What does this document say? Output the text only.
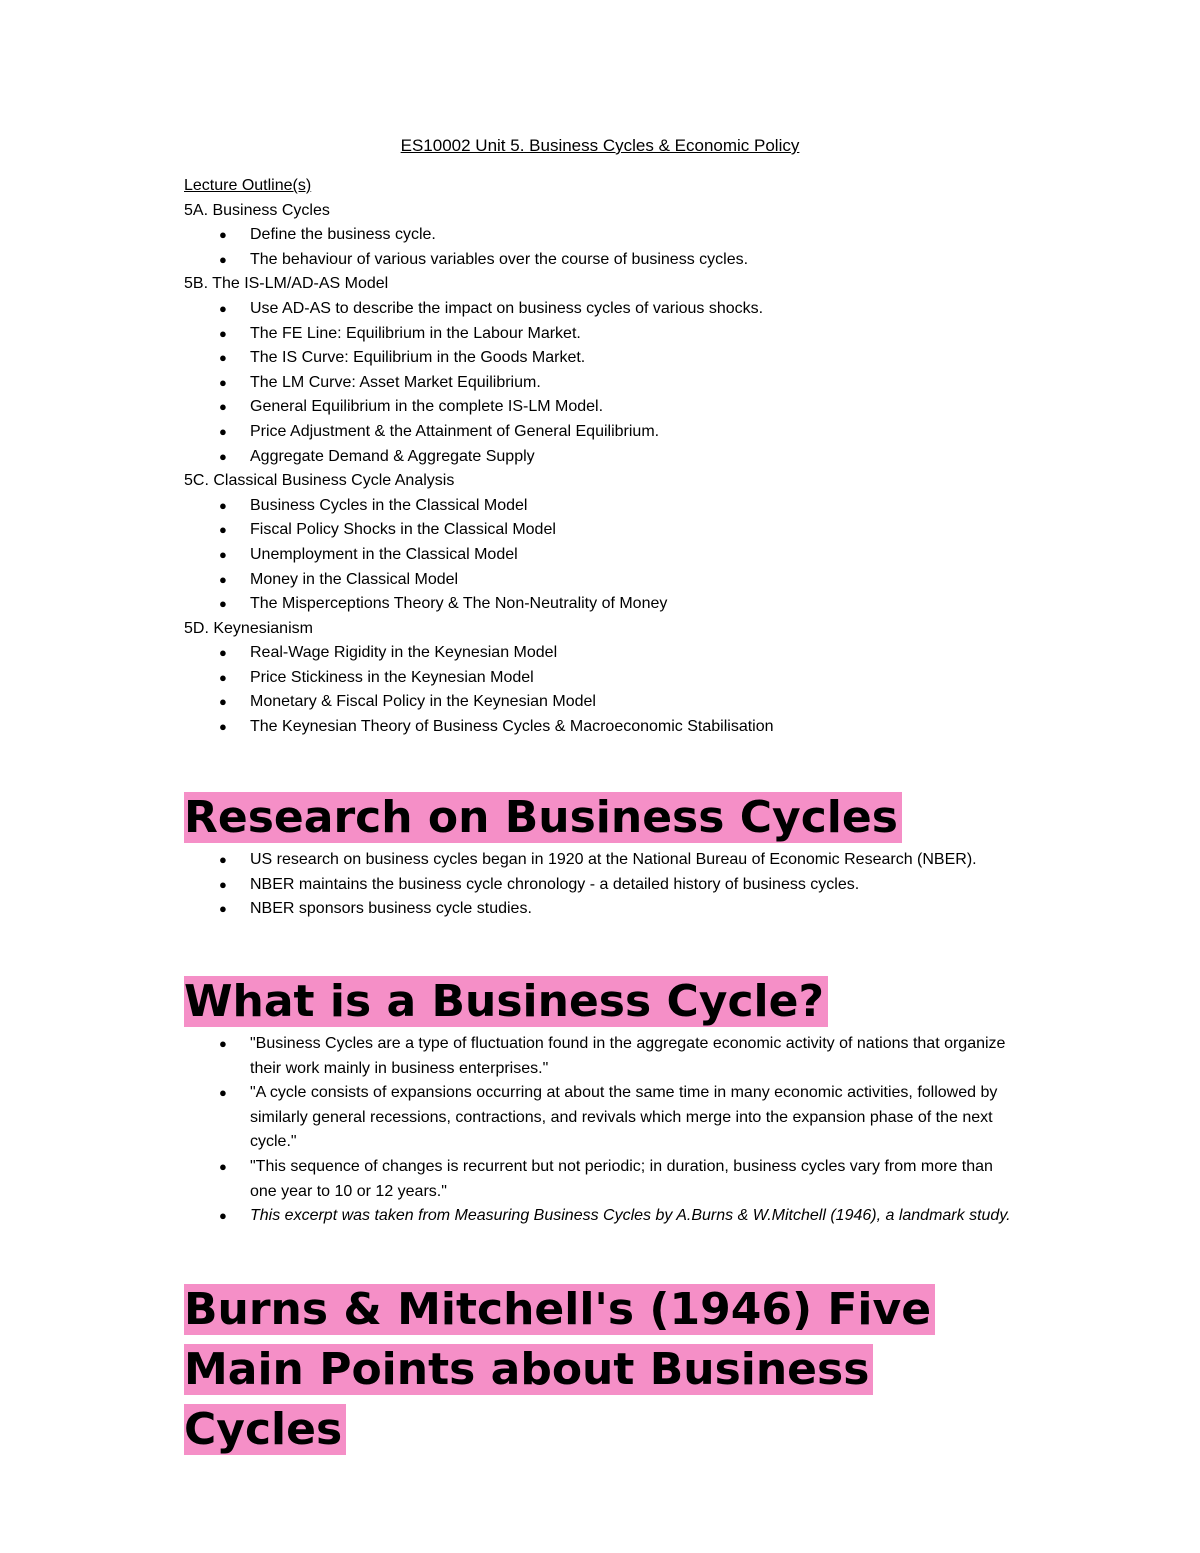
ES10002 Unit 5. Business Cycles & Economic Policy

Lecture Outline(s)

5A. Business Cycles

● Define the business cycle.
● The behaviour of various variables over the course of business cycles.

5B. The IS-LM/AD-AS Model

● Use AD-AS to describe the impact on business cycles of various shocks.
● The FE Line: Equilibrium in the Labour Market.
● The IS Curve: Equilibrium in the Goods Market.
● The LM Curve: Asset Market Equilibrium.
● General Equilibrium in the complete IS-LM Model.
● Price Adjustment & the Attainment of General Equilibrium.
● Aggregate Demand & Aggregate Supply

5C. Classical Business Cycle Analysis

● Business Cycles in the Classical Model
● Fiscal Policy Shocks in the Classical Model
● Unemployment in the Classical Model
● Money in the Classical Model
● The Misperceptions Theory & The Non-Neutrality of Money

5D. Keynesianism

● Real-Wage Rigidity in the Keynesian Model
● Price Stickiness in the Keynesian Model
● Monetary & Fiscal Policy in the Keynesian Model
● The Keynesian Theory of Business Cycles & Macroeconomic Stabilisation
Research on Business Cycles
● US research on business cycles began in 1920 at the National Bureau of Economic Research (NBER).
● NBER maintains the business cycle chronology - a detailed history of business cycles.
● NBER sponsors business cycle studies.
What is a Business Cycle?
● "Business Cycles are a type of fluctuation found in the aggregate economic activity of nations that organize their work mainly in business enterprises."
● "A cycle consists of expansions occurring at about the same time in many economic activities, followed by similarly general recessions, contractions, and revivals which merge into the expansion phase of the next cycle."
● "This sequence of changes is recurrent but not periodic; in duration, business cycles vary from more than one year to 10 or 12 years."
● This excerpt was taken from Measuring Business Cycles by A.Burns & W.Mitchell (1946), a landmark study.
Burns & Mitchell's (1946) Five Main Points about Business Cycles
